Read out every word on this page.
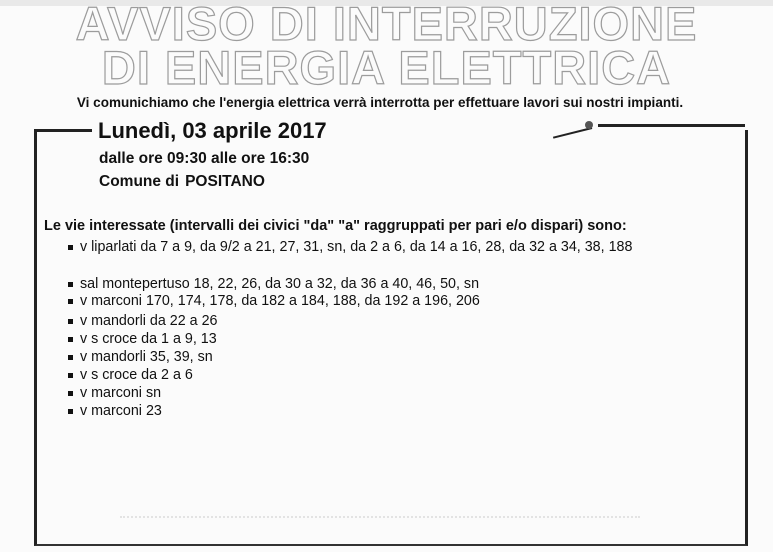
AVVISO DI INTERRUZIONE
DI ENERGIA ELETTRICA
Vi comunichiamo che l'energia elettrica verrà interrotta per effettuare lavori sui nostri impianti.
Lunedì, 03 aprile 2017
dalle ore 09:30 alle ore 16:30
Comune di POSITANO
Le vie interessate (intervalli dei civici "da" "a" raggruppati per pari e/o dispari) sono:
v liparlati da 7 a 9, da 9/2 a 21, 27, 31, sn, da 2 a 6, da 14 a 16, 28, da 32 a 34, 38, 188
sal montepertuso 18, 22, 26, da 30 a 32, da 36 a 40, 46, 50, sn
v marconi 170, 174, 178, da 182 a 184, 188, da 192 a 196, 206
v mandorli da 22 a 26
v s croce da 1 a 9, 13
v mandorli 35, 39, sn
v s croce da 2 a 6
v marconi sn
v marconi 23
